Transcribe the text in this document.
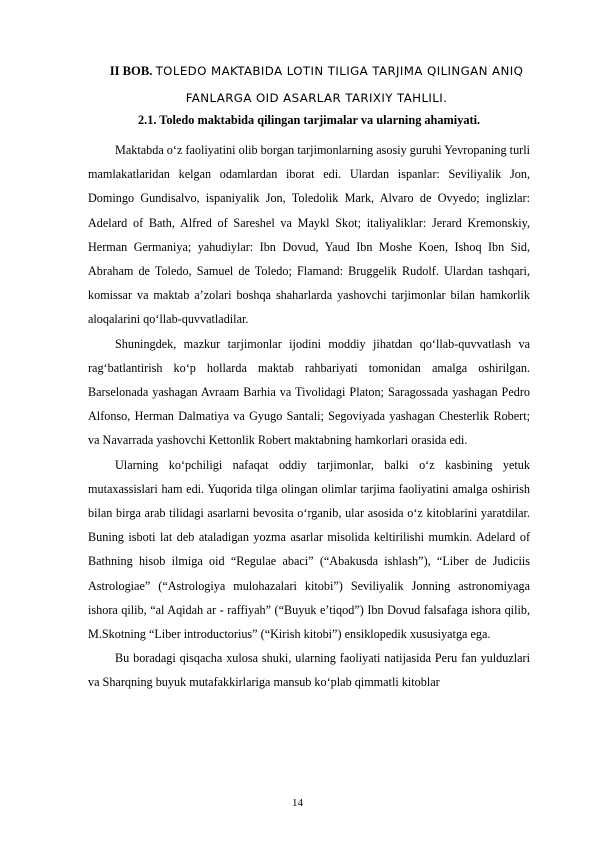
II BOB. TOLEDO MAKTABIDA LOTIN TILIGA TARJIMA QILINGAN ANIQ FANLARGA OID ASARLAR TARIXIY TAHLILI.
2.1. Toledo maktabida qilingan tarjimalar va ularning ahamiyati.

Maktabda o‘z faoliyatini olib borgan tarjimonlarning asosiy guruhi Yevropaning turli mamlakatlaridan kelgan odamlardan iborat edi. Ulardan ispanlar: Seviliyalik Jon, Domingo Gundisalvo, ispaniyalik Jon, Toledolik Mark, Alvaro de Ovyedo; inglizlar: Adelard of Bath, Alfred of Sareshel va Maykl Skot; italiyaliklar: Jerard Kremonskiy, Herman Germaniya; yahudiylar: Ibn Dovud, Yaud Ibn Moshe Koen, Ishoq Ibn Sid, Abraham de Toledo, Samuel de Toledo; Flamand: Bruggelik Rudolf. Ulardan tashqari, komissar va maktab a’zolari boshqa shaharlarda yashovchi tarjimonlar bilan hamkorlik aloqalarini qo‘llab-quvvatladilar.

Shuningdek, mazkur tarjimonlar ijodini moddiy jihatdan qo‘llab-quvvatlash va rag‘batlantirish ko‘p hollarda maktab rahbariyati tomonidan amalga oshirilgan. Barselonada yashagan Avraam Barhia va Tivolidagi Platon; Saragossada yashagan Pedro Alfonso, Herman Dalmatiya va Gyugo Santali; Segoviyada yashagan Chesterlik Robert; va Navarrada yashovchi Kettonlik Robert maktabning hamkorlari orasida edi.

Ularning ko‘pchiligi nafaqat oddiy tarjimonlar, balki o‘z kasbining yetuk mutaxassislari ham edi. Yuqorida tilga olingan olimlar tarjima faoliyatini amalga oshirish bilan birga arab tilidagi asarlarni bevosita o‘rganib, ular asosida o‘z kitoblarini yaratdilar. Buning isboti lat deb ataladigan yozma asarlar misolida keltirilishi mumkin. Adelard of Bathning hisob ilmiga oid “Regulae abaci” (“Abakusda ishlash”), “Liber de Judiciis Astrologiae” (“Astrologiya mulohazalari kitobi”) Seviliyalik Jonning astronomiyaga ishora qilib, “al Aqidah ar - raffiyah” (“Buyuk e’tiqod”) Ibn Dovud falsafaga ishora qilib, M.Skotning “Liber introductorius” (“Kirish kitobi”) ensiklopedik xususiyatga ega.

Bu boradagi qisqacha xulosa shuki, ularning faoliyati natijasida Peru fan yulduzlari va Sharqning buyuk mutafakkirlariga mansub ko‘plab qimmatli kitoblar

14
